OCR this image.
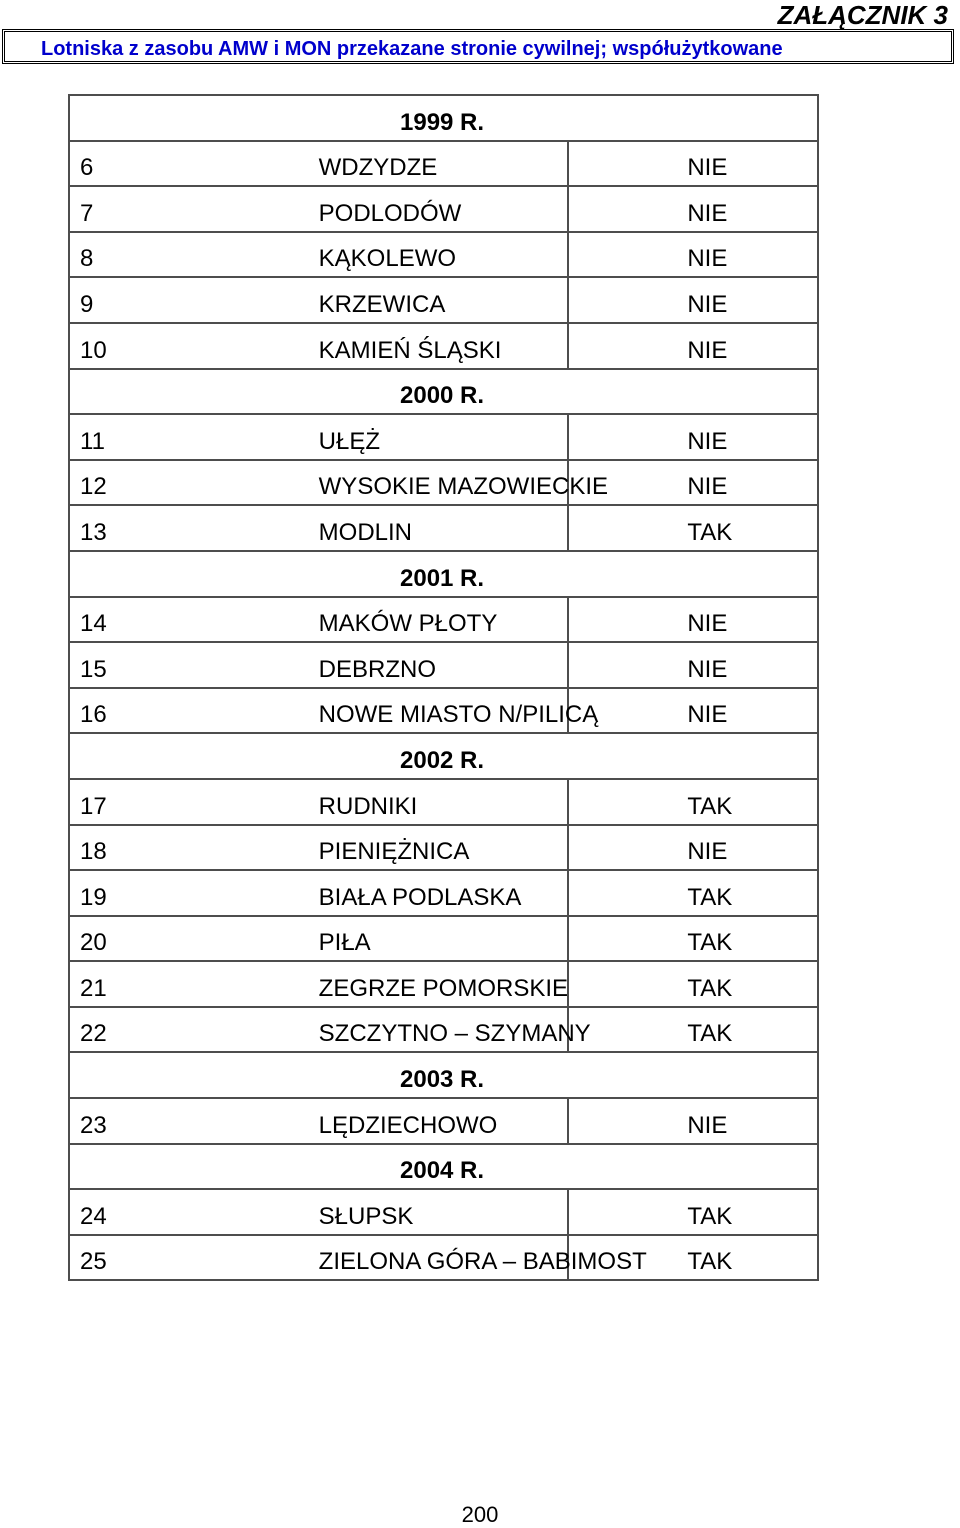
ZAŁĄCZNIK 3
Lotniska z zasobu AMW i MON przekazane stronie cywilnej; współużytkowane
1999 R.		
6	WDZYDZE	NIE
7	PODLODÓW	NIE
8	KĄKOLEWO	NIE
9	KRZEWICA	NIE
10	KAMIEŃ ŚLĄSKI	NIE
2000 R.		
11	UŁĘŻ	NIE
12	WYSOKIE MAZOWIECKIE	NIE
13	MODLIN	TAK
2001 R.		
14	MAKÓW PŁOTY	NIE
15	DEBRZNO	NIE
16	NOWE MIASTO N/PILICĄ	NIE
2002 R.		
17	RUDNIKI	TAK
18	PIENIĘŻNICA	NIE
19	BIAŁA PODLASKA	TAK
20	PIŁA	TAK
21	ZEGRZE POMORSKIE	TAK
22	SZCZYTNO – SZYMANY	TAK
2003 R.		
23	LĘDZIECHOWO	NIE
2004 R.		
24	SŁUPSK	TAK
25	ZIELONA GÓRA – BABIMOST	TAK
200
